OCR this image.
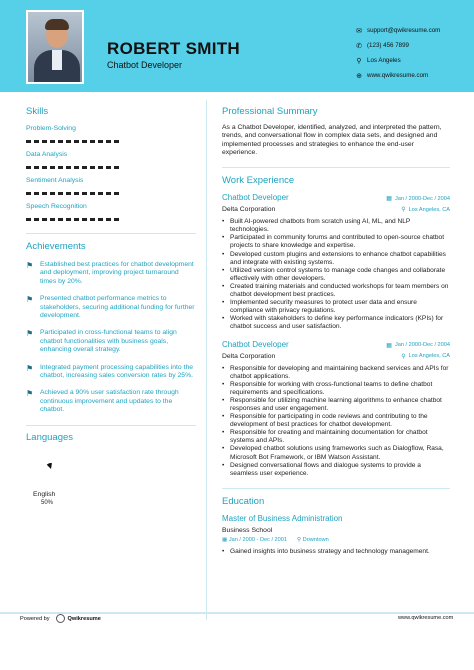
ROBERT SMITH
Chatbot Developer
✉ support@qwikresume.com
✆ (123) 456 7899
⚲ Los Angeles
⊕ www.qwikresume.com
Skills
Problem-Solving
Data Analysis
Sentiment Analysis
Speech Recognition
Achievements
⚑	Established best practices for chatbot development and deployment, improving project turnaround times by 20%.
⚑	Presented chatbot performance metrics to stakeholders, securing additional funding for further development.
⚑	Participated in cross-functional teams to align chatbot functionalities with business goals, enhancing overall strategy.
⚑	Integrated payment processing capabilities into the chatbot, increasing sales conversion rates by 25%.
⚑	Achieved a 90% user satisfaction rate through continuous improvement and updates to the chatbot.
Languages
English
50%
Professional Summary
As a Chatbot Developer, identified, analyzed, and interpreted the pattern, trends, and conversational flow in complex data sets, and designed and implemented processes and strategies to enhance the end-user experience.
Work Experience
Chatbot Developer	▦ Jan / 2000-Dec / 2004
Delta Corporation	⚲ Los Angeles, CA
• Built AI-powered chatbots from scratch using AI, ML, and NLP technologies.
• Participated in community forums and contributed to open-source chatbot projects to share knowledge and expertise.
• Developed custom plugins and extensions to enhance chatbot capabilities and integrate with existing systems.
• Utilized version control systems to manage code changes and collaborate effectively with other developers.
• Created training materials and conducted workshops for team members on chatbot development best practices.
• Implemented security measures to protect user data and ensure compliance with privacy regulations.
• Worked with stakeholders to define key performance indicators (KPIs) for chatbot success and user satisfaction.
Chatbot Developer	▦ Jan / 2000-Dec / 2004
Delta Corporation	⚲ Los Angeles, CA
• Responsible for developing and maintaining backend services and APIs for chatbot applications.
• Responsible for working with cross-functional teams to define chatbot requirements and specifications.
• Responsible for utilizing machine learning algorithms to enhance chatbot responses and user engagement.
• Responsible for participating in code reviews and contributing to the development of best practices for chatbot development.
• Responsible for creating and maintaining documentation for chatbot systems and APIs.
• Developed chatbot solutions using frameworks such as Dialogflow, Rasa, Microsoft Bot Framework, or IBM Watson Assistant.
• Designed conversational flows and dialogue systems to provide a seamless user experience.
Education
Master of Business Administration
Business School
▦ Jan / 2000 - Dec / 2001 ⚲ Downtown
• Gained insights into business strategy and technology management.
Powered by	Qwikresume	www.qwikresume.com
